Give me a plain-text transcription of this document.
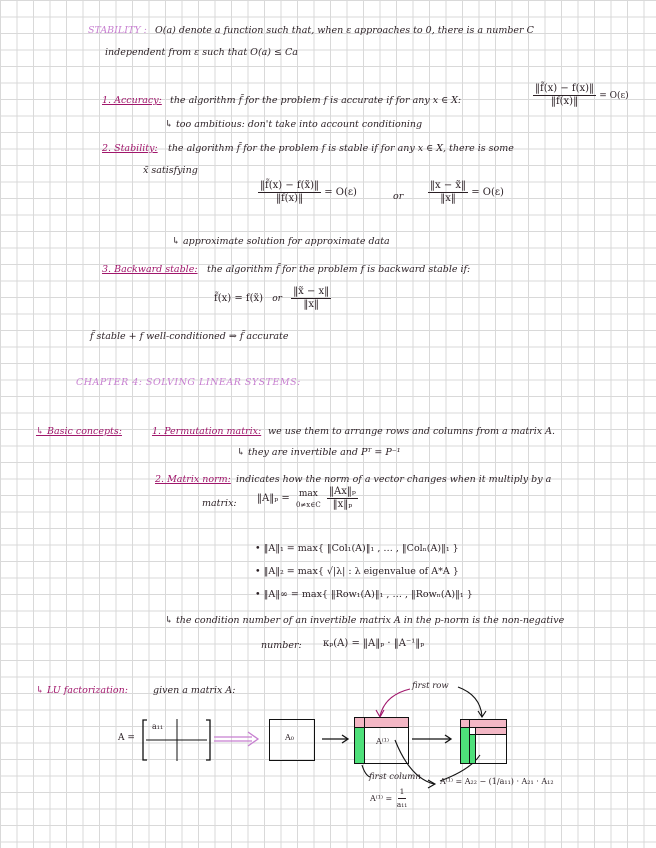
STABILITY : O(a) denote a function such that, when ε approaches to 0, there is a number C
independent from ε such that O(a) ≤ Ca
1. Accuracy: the algorithm f̃ for the problem f is accurate if for any x ∈ X:	$\frac{‖f̃(x) - f(x)‖}{‖f(x)‖} = O(\varepsilon)$
↳ too ambitious: don't take into account conditioning
2. Stability: the algorithm f̃ for the problem f is stable if for any x ∈ X, there is some
x̃ satisfying
$\frac{‖f̃(x) - f(x̃)‖}{‖f(x)‖} = O(\varepsilon)$	or $\frac{‖x - x̃‖}{‖x‖} = O(\varepsilon)$
↳ approximate solution for approximate data
3. Backward stable: the algorithm f̃ for the problem f is backward stable if:
f̃(x) = f(x̃) or $\frac{‖x̃ - x‖}{‖x‖}$
f̃ stable + f well-conditioned ⇒ f̃ accurate
CHAPTER 4: SOLVING LINEAR SYSTEMS:
↳ Basic concepts:	1. Permutation matrix: we use them to arrange rows and columns from a matrix A.
↳ they are invertible and Pᵀ = P⁻¹
2. Matrix norm: indicates how the norm of a vector changes when it multiply by a
matrix: ‖A‖ₚ = max
0≠x∈C
$\frac{\text{‖Ax‖ₚ}}{\text{‖x‖ₚ}}$
• ‖A‖₁ = max{ ‖Col₁(A)‖₁ , … , ‖Colₙ(A)‖₁ }
• ‖A‖₂ = max{ √|λ| : λ eigenvalue of A*A }
• ‖A‖∞ = max{ ‖Row₁(A)‖₁ , … , ‖Rowₙ(A)‖₁ }
↳ the condition number of an invertible matrix A in the p-norm is the non-negative
number: κₚ(A) = ‖A‖ₚ · ‖A⁻¹‖ₚ
↳ LU factorization:	given a matrix A:
A =
a₁₁
A₀	A⁽¹⁾
first row
first column
$A^{(1)} = \frac{1}{\text{a₁₁}}$
A⁽¹⁾ = A₂₂ − (1/a₁₁) · A₂₁ · A₁₂
